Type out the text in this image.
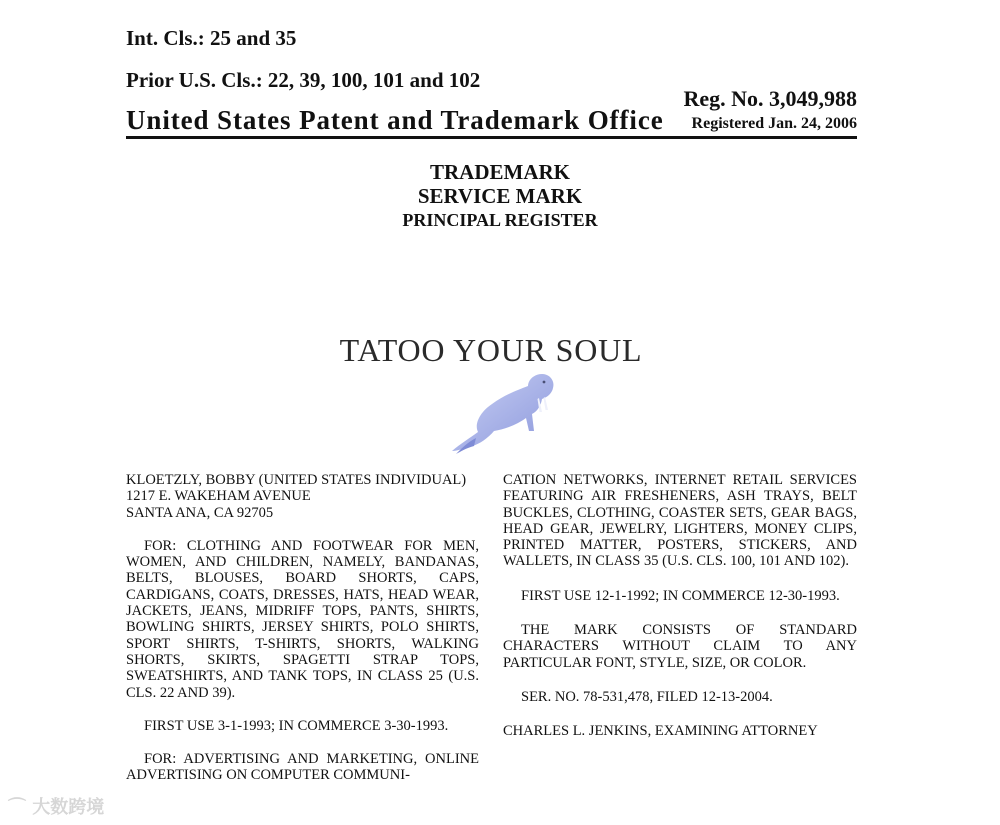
Int. Cls.: 25 and 35
Prior U.S. Cls.: 22, 39, 100, 101 and 102
United States Patent and Trademark Office
Reg. No. 3,049,988
Registered Jan. 24, 2006
TRADEMARK
SERVICE MARK
PRINCIPAL REGISTER
TATOO YOUR SOUL

KLOETZLY, BOBBY (UNITED STATES INDIVIDUAL)

1217 E. WAKEHAM AVENUE

SANTA ANA, CA 92705

FOR: CLOTHING AND FOOTWEAR FOR MEN, WOMEN, AND CHILDREN, NAMELY, BANDANAS, BELTS, BLOUSES, BOARD SHORTS, CAPS, CARDIGANS, COATS, DRESSES, HATS, HEAD WEAR, JACKETS, JEANS, MIDRIFF TOPS, PANTS, SHIRTS, BOWLING SHIRTS, JERSEY SHIRTS, POLO SHIRTS, SPORT SHIRTS, T-SHIRTS, SHORTS, WALKING SHORTS, SKIRTS, SPAGETTI STRAP TOPS, SWEATSHIRTS, AND TANK TOPS, IN CLASS 25 (U.S. CLS. 22 AND 39).

FIRST USE 3-1-1993; IN COMMERCE 3-30-1993.

FOR: ADVERTISING AND MARKETING, ONLINE ADVERTISING ON COMPUTER COMMUNI-

CATION NETWORKS, INTERNET RETAIL SERVICES FEATURING AIR FRESHENERS, ASH TRAYS, BELT BUCKLES, CLOTHING, COASTER SETS, GEAR BAGS, HEAD GEAR, JEWELRY, LIGHTERS, MONEY CLIPS, PRINTED MATTER, POSTERS, STICKERS, AND WALLETS, IN CLASS 35 (U.S. CLS. 100, 101 AND 102).

FIRST USE 12-1-1992; IN COMMERCE 12-30-1993.

THE MARK CONSISTS OF STANDARD CHARACTERS WITHOUT CLAIM TO ANY PARTICULAR FONT, STYLE, SIZE, OR COLOR.

SER. NO. 78-531,478, FILED 12-13-2004.

CHARLES L. JENKINS, EXAMINING ATTORNEY

⌒ 大数跨境
